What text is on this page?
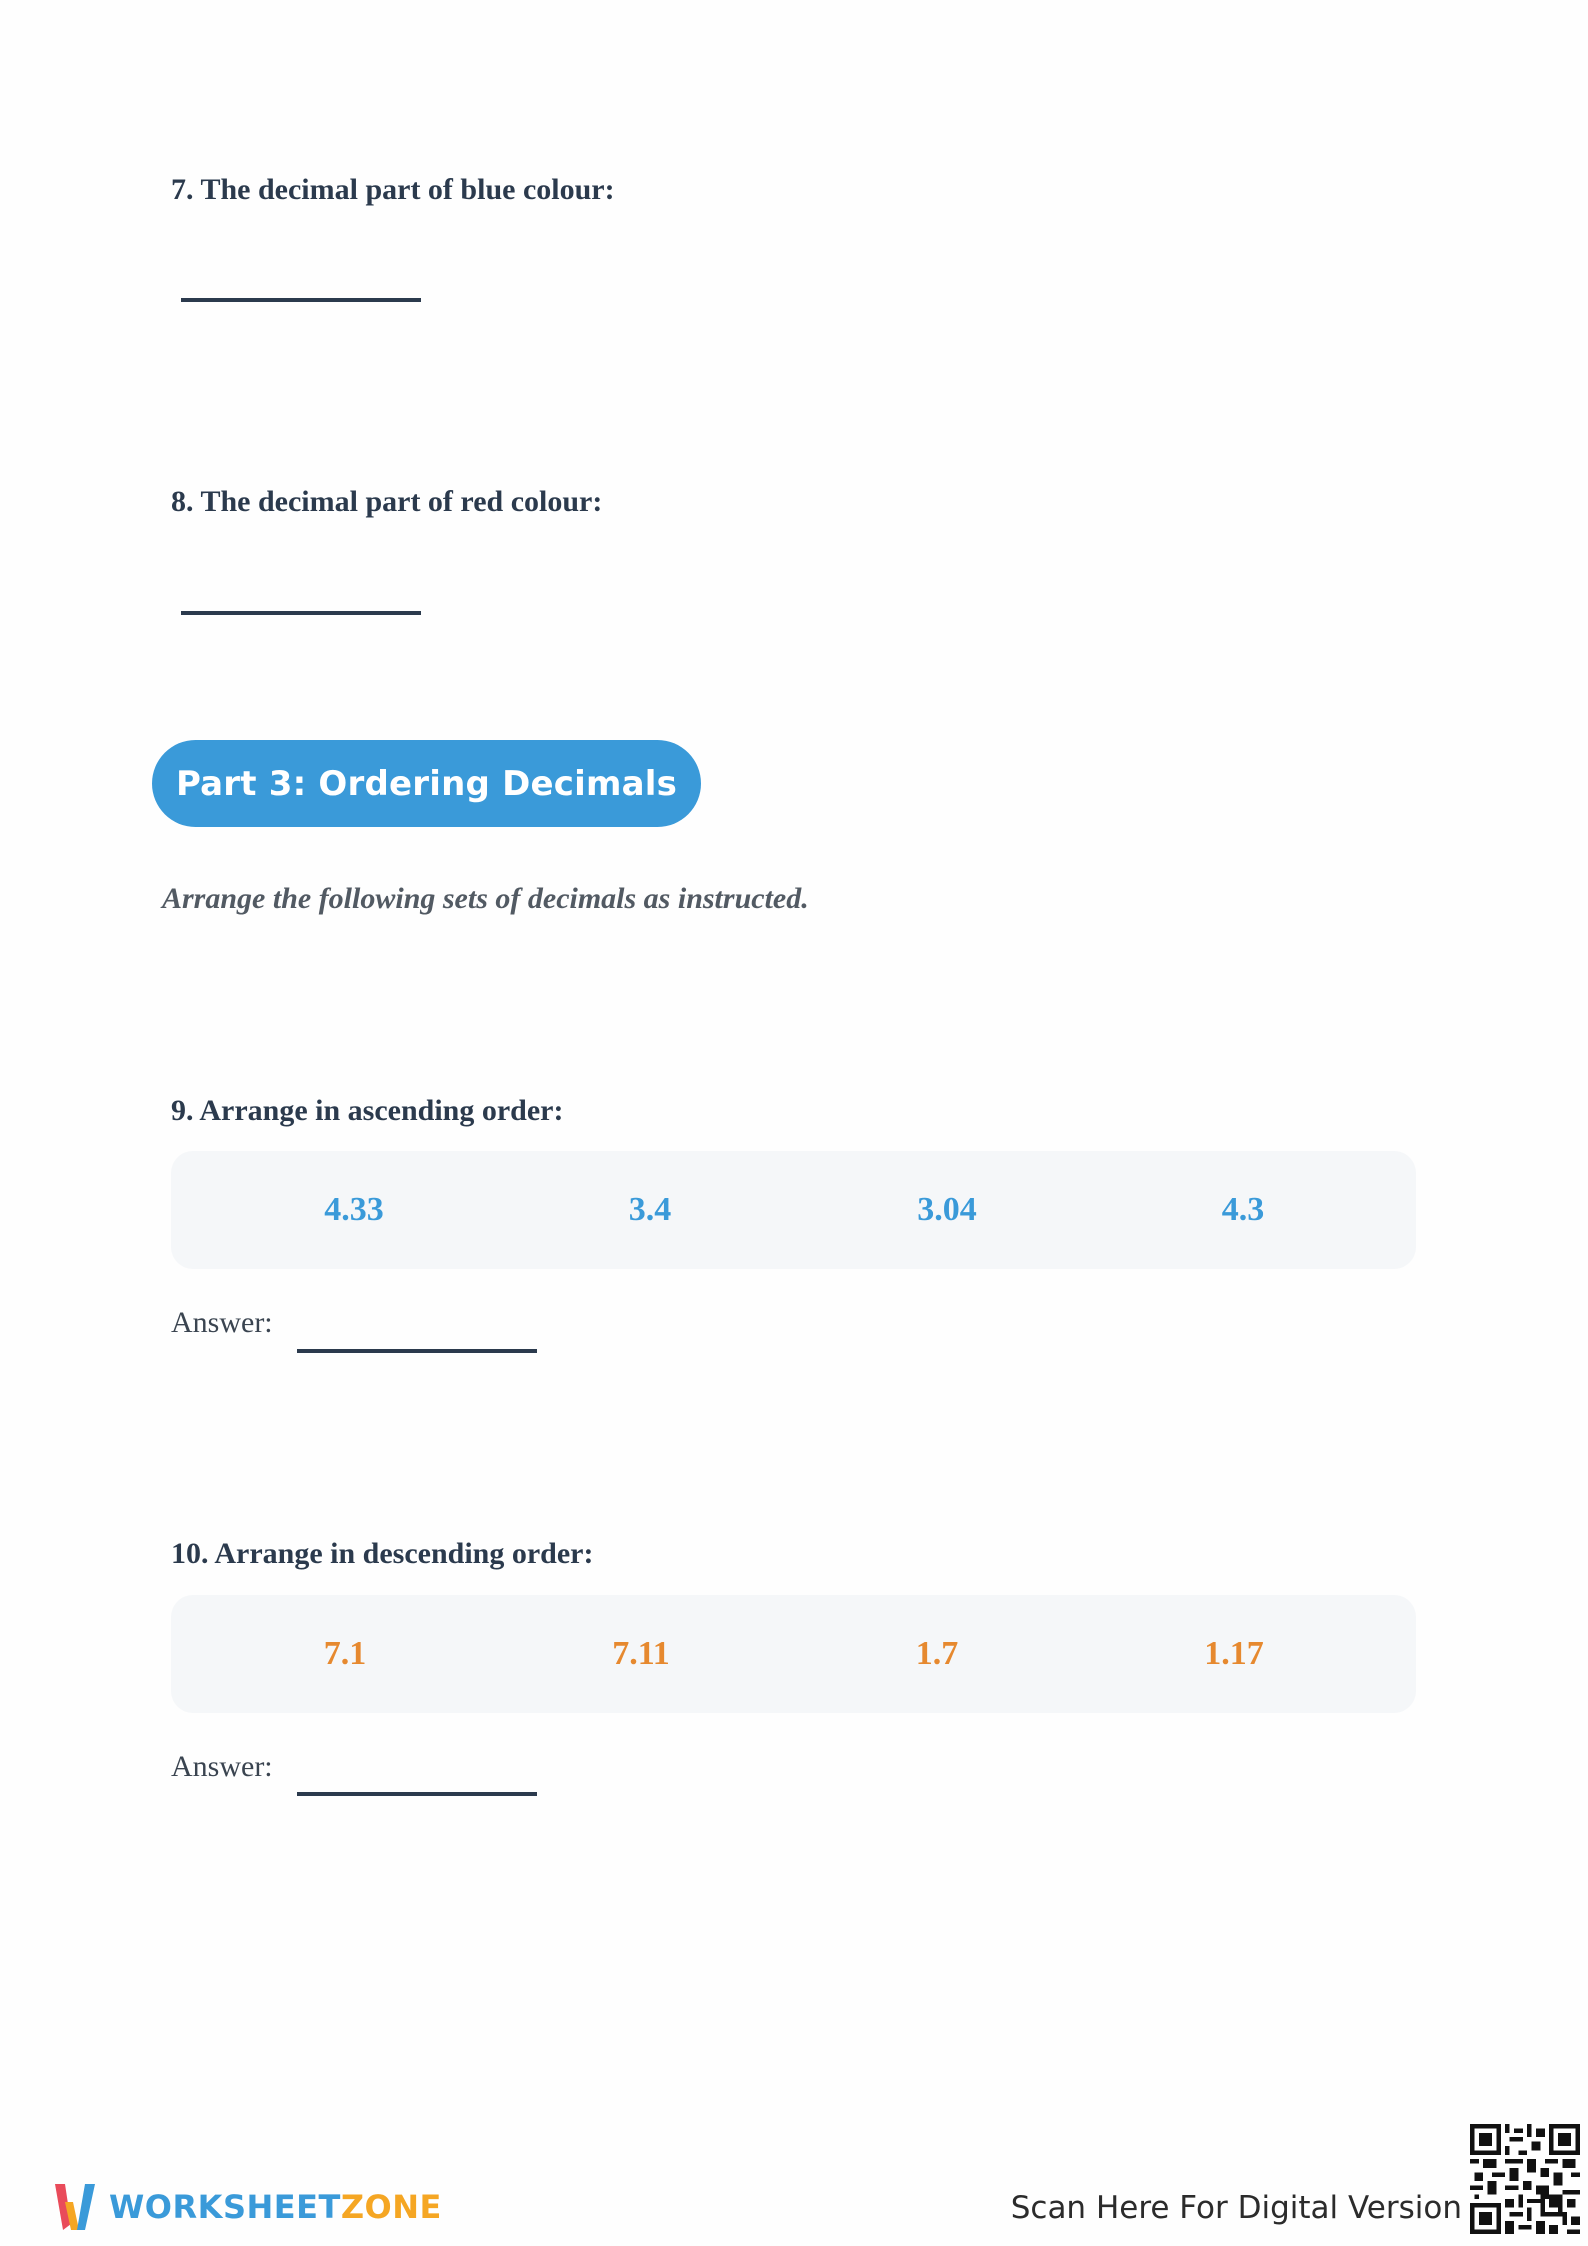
7. The decimal part of blue colour:
8. The decimal part of red colour:
Part 3: Ordering Decimals
Arrange the following sets of decimals as instructed.
9. Arrange in ascending order:
4.33	3.4	3.04	4.3
Answer:
10. Arrange in descending order:
7.1	7.11	1.7	1.17
Answer:
WORKSHEETZONE	Scan Here For Digital Version
